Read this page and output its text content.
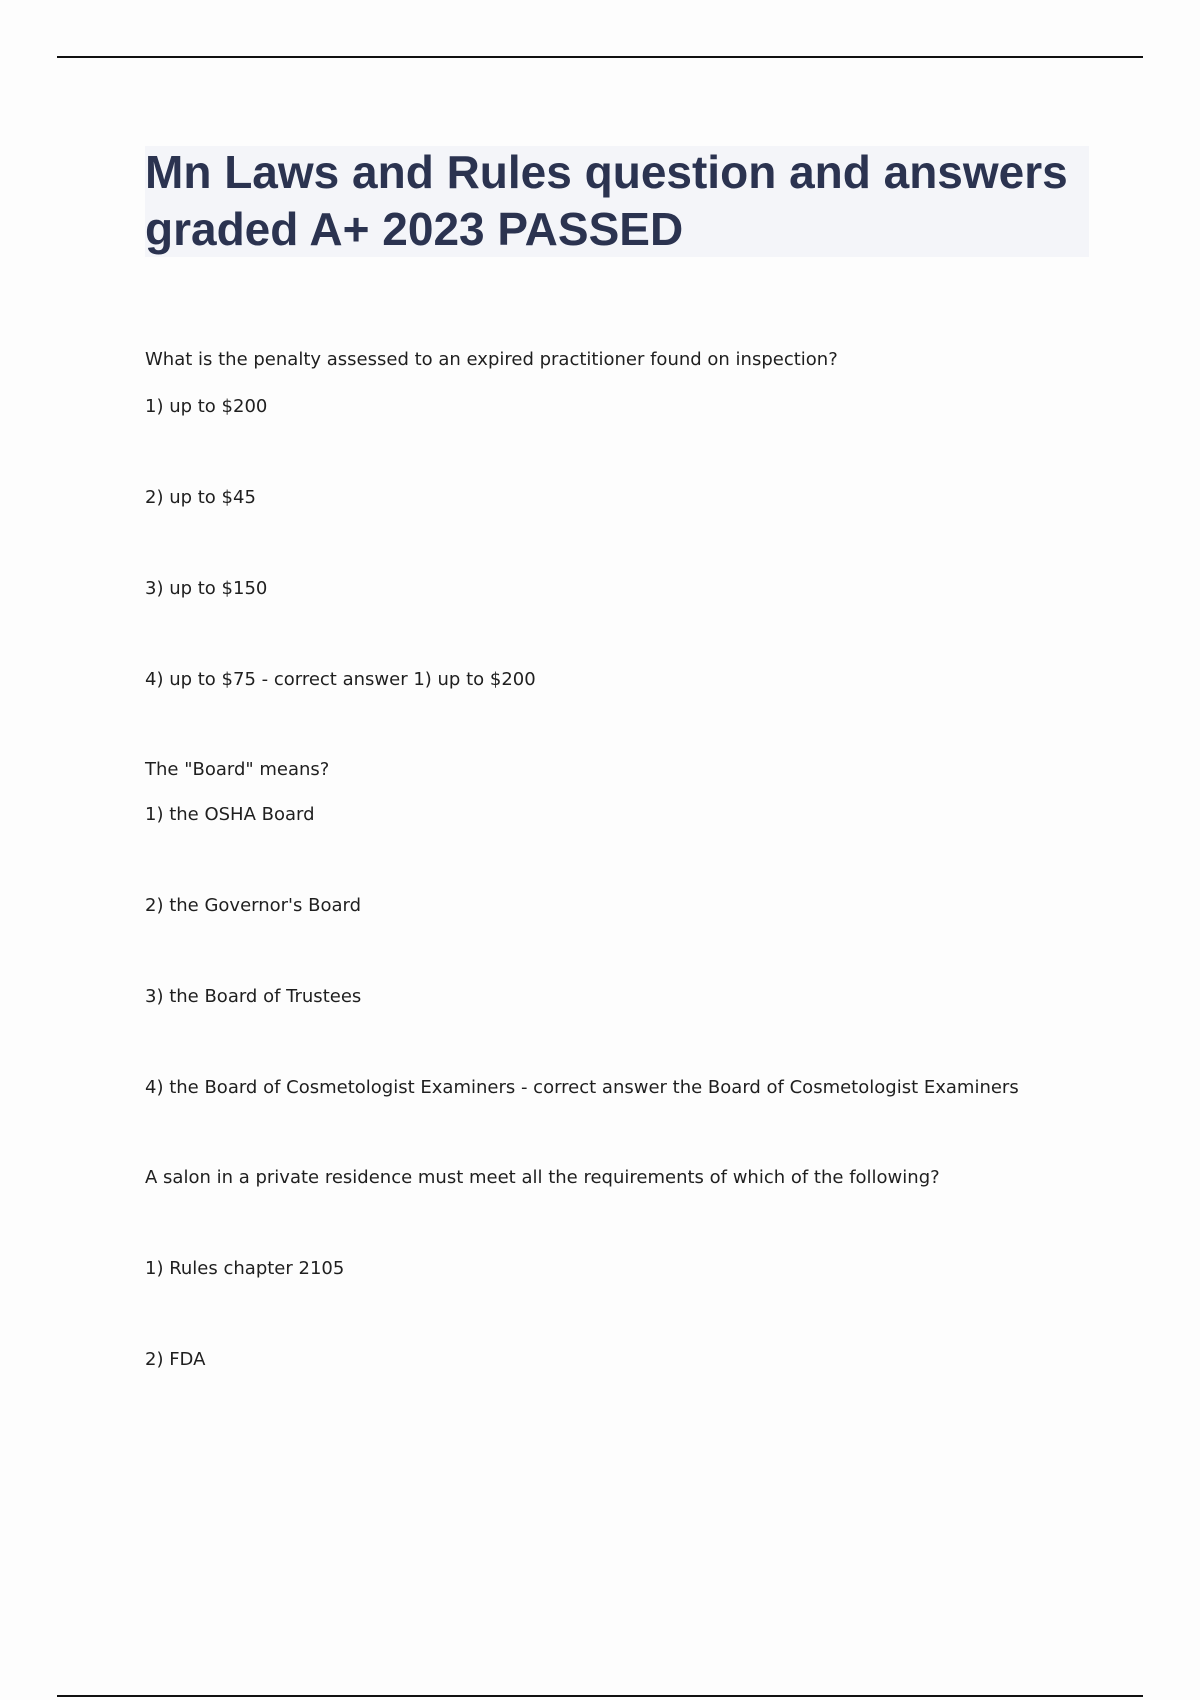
Mn Laws and Rules question and answers graded A+ 2023 PASSED

What is the penalty assessed to an expired practitioner found on inspection?

1) up to $200

2) up to $45

3) up to $150

4) up to $75 - correct answer 1) up to $200

The "Board" means?

1) the OSHA Board

2) the Governor's Board

3) the Board of Trustees

4) the Board of Cosmetologist Examiners - correct answer the Board of Cosmetologist Examiners

A salon in a private residence must meet all the requirements of which of the following?

1) Rules chapter 2105

2) FDA
